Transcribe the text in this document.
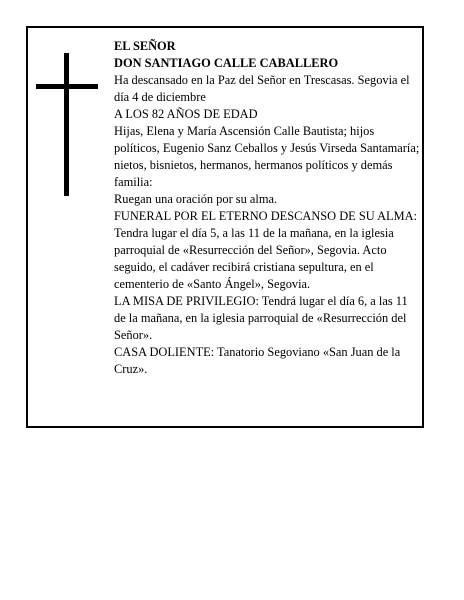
EL SEÑOR

DON SANTIAGO CALLE CABALLERO

Ha descansado en la Paz del Señor en Trescasas. Segovia el día 4 de diciembre

A LOS 82 AÑOS DE EDAD

Hijas, Elena y María Ascensión Calle Bautista; hijos políticos, Eugenio Sanz Ceballos y Jesús Virseda Santamaría; nietos, bisnietos, hermanos, hermanos políticos y demás familia:

Ruegan una oración por su alma.

FUNERAL POR EL ETERNO DESCANSO DE SU ALMA: Tendra lugar el día 5, a las 11 de la mañana, en la iglesia parroquial de «Resurrección del Señor», Segovia. Acto seguido, el cadáver recibirá cristiana sepultura, en el cementerio de «Santo Ángel», Segovia.

LA MISA DE PRIVILEGIO: Tendrá lugar el día 6, a las 11 de la mañana, en la iglesia parroquial de «Resurrección del Señor».

CASA DOLIENTE: Tanatorio Segoviano «San Juan de la Cruz».
